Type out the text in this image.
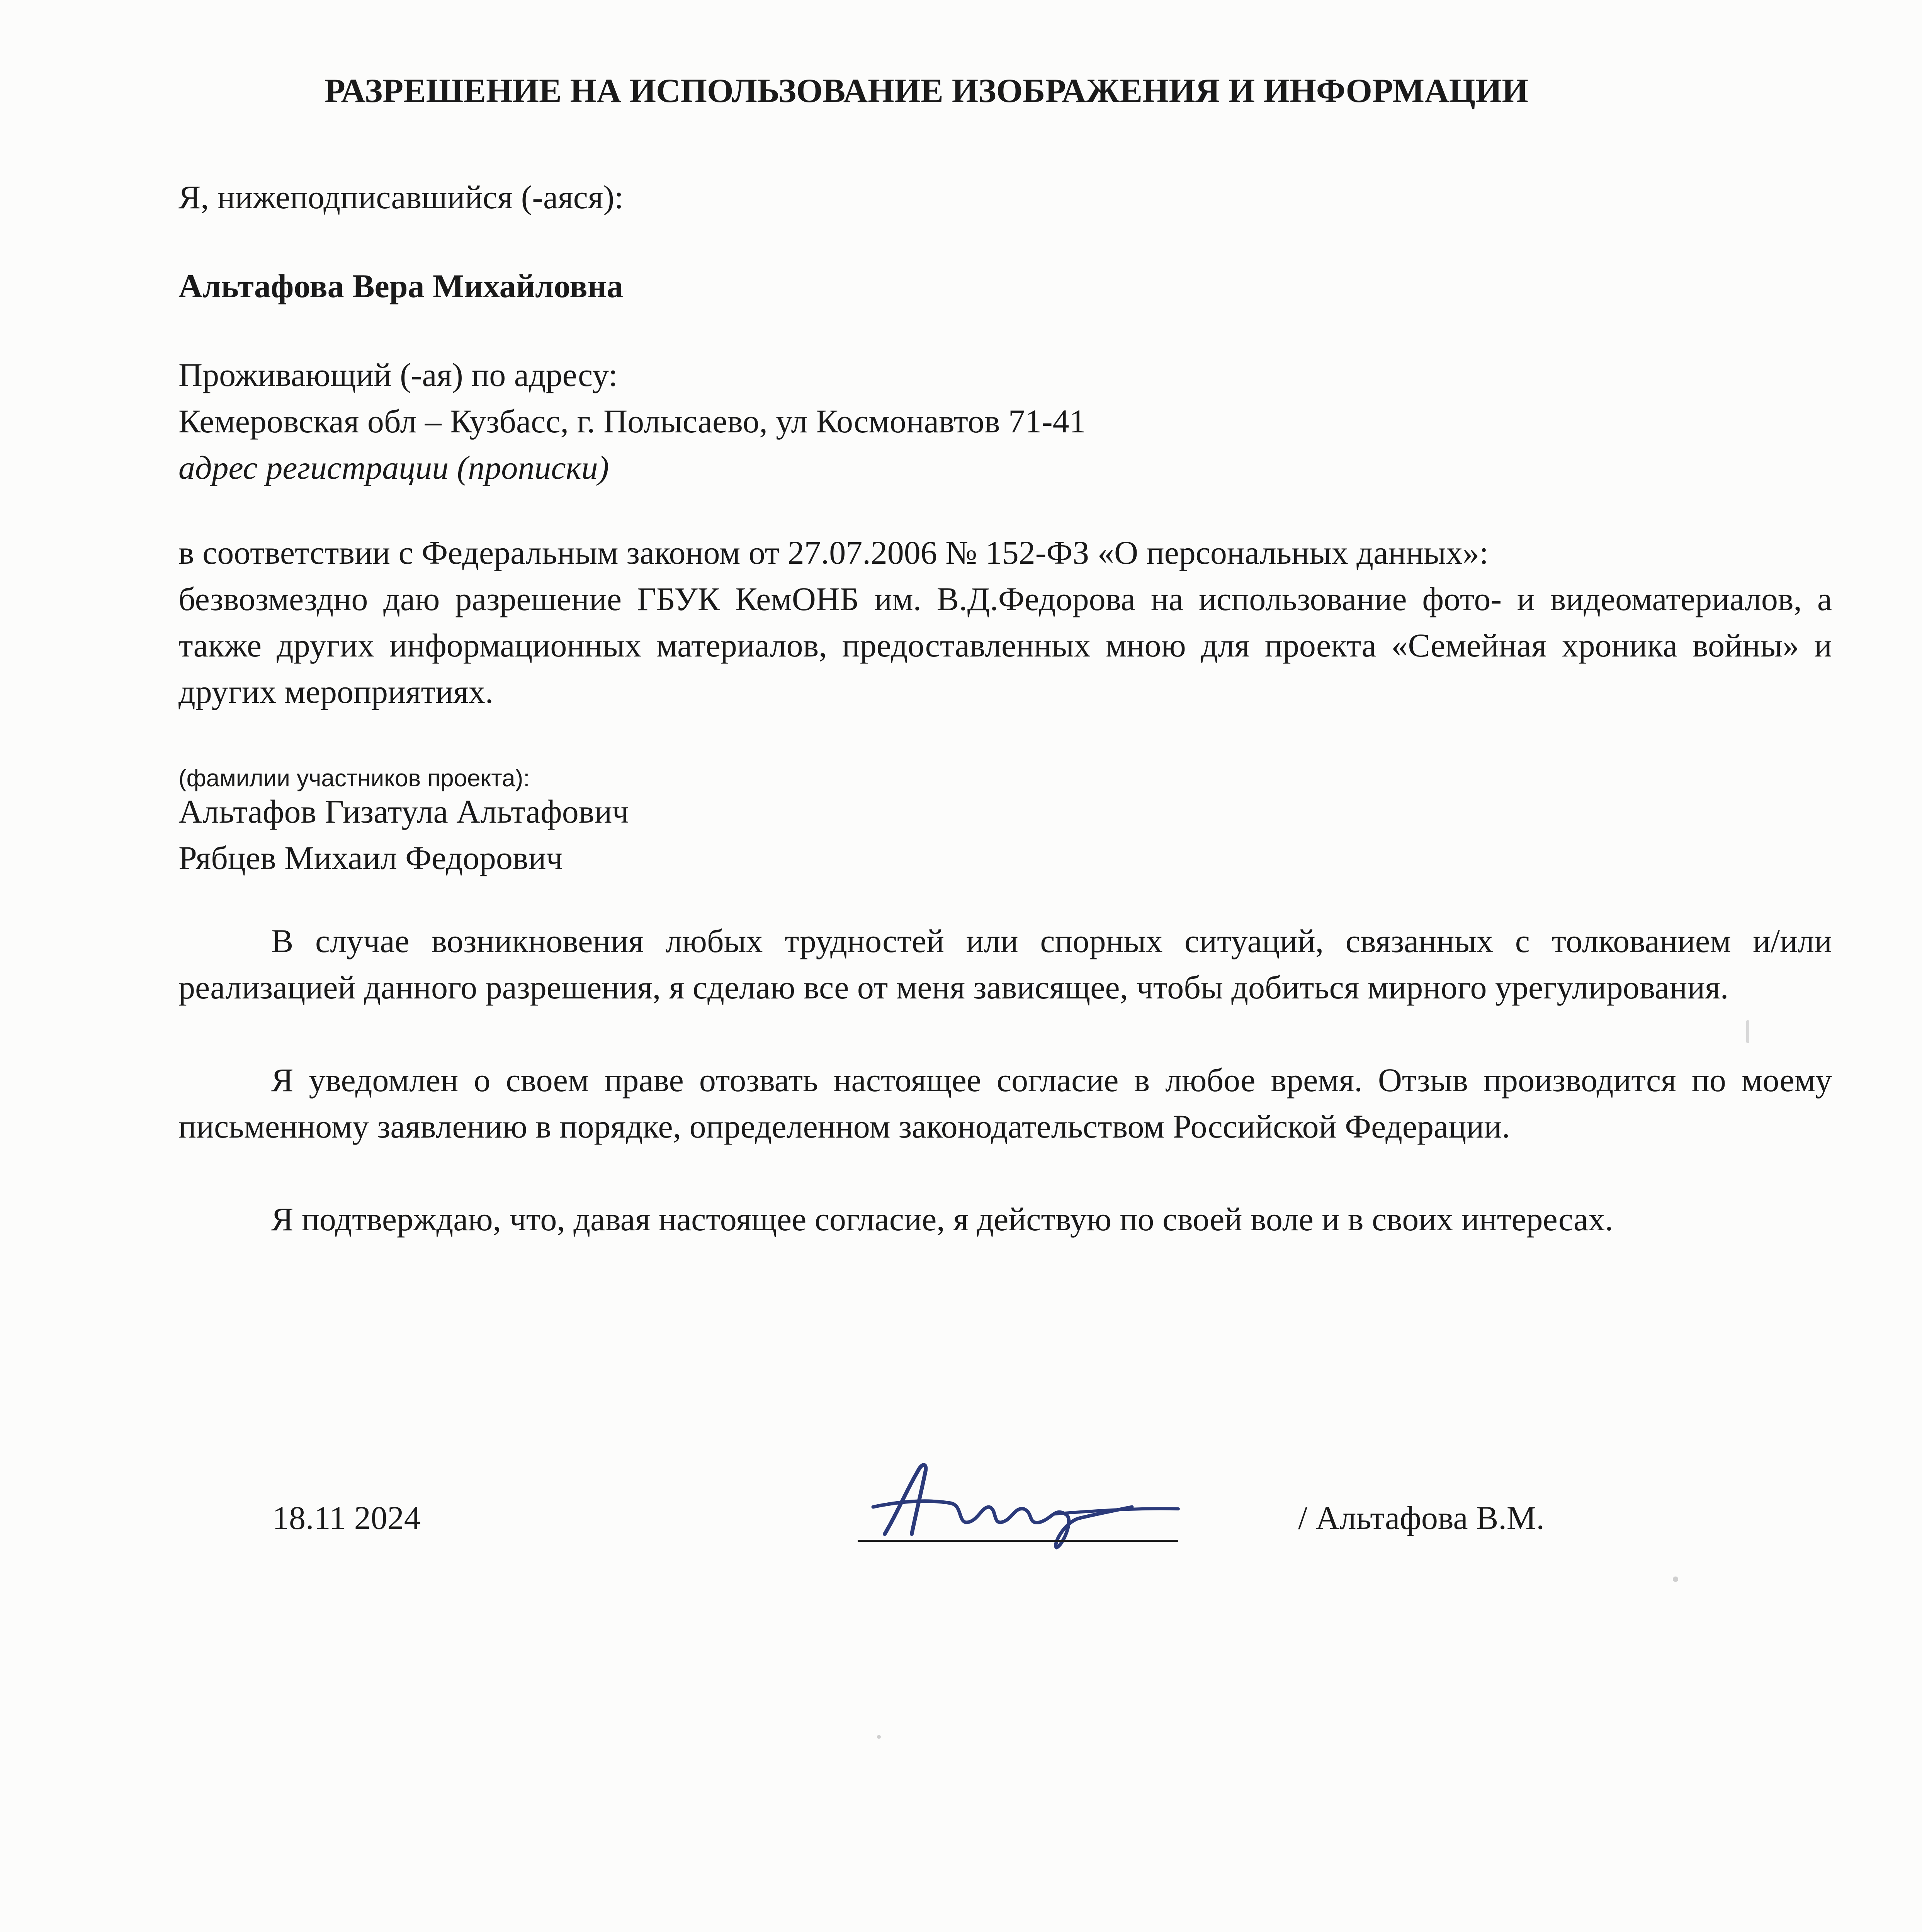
РАЗРЕШЕНИЕ НА ИСПОЛЬЗОВАНИЕ ИЗОБРАЖЕНИЯ И ИНФОРМАЦИИ
Я, нижеподписавшийся (-аяся):
Альтафова Вера Михайловна
Проживающий (-ая) по адресу:
Кемеровская обл – Кузбасс, г. Полысаево, ул Космонавтов 71-41
адрес регистрации (прописки)
в соответствии с Федеральным законом от 27.07.2006 № 152-ФЗ «О персональных данных»:
безвозмездно даю разрешение ГБУК КемОНБ им. В.Д.Федорова на использование фото- и видеоматериалов, а также других информационных материалов, предоставленных мною для проекта «Семейная хроника войны» и других мероприятиях.
(фамилии участников проекта):
Альтафов Гизатула Альтафович
Рябцев Михаил Федорович
В случае возникновения любых трудностей или спорных ситуаций, связанных с толкованием и/или реализацией данного разрешения, я сделаю все от меня зависящее, чтобы добиться мирного урегулирования.
Я уведомлен о своем праве отозвать настоящее согласие в любое время. Отзыв производится по моему письменному заявлению в порядке, определенном законодательством Российской Федерации.
Я подтверждаю, что, давая настоящее согласие, я действую по своей воле и в своих интересах.
18.11 2024	/ Альтафова В.М.
